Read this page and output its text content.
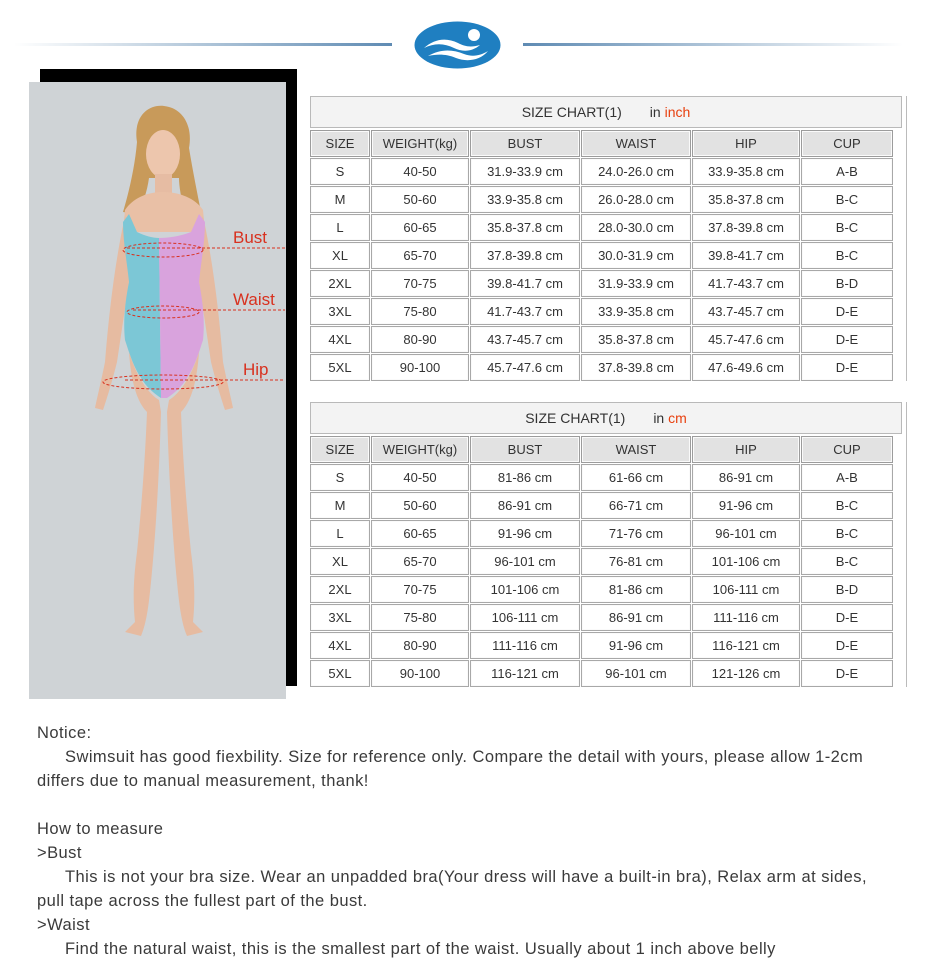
Bust
Waist
Hip
SIZE CHART(1) in inch
SIZE	WEIGHT(kg)	BUST	WAIST	HIP	CUP
S	40-50	31.9-33.9 cm	24.0-26.0 cm	33.9-35.8 cm	A-B
M	50-60	33.9-35.8 cm	26.0-28.0 cm	35.8-37.8 cm	B-C
L	60-65	35.8-37.8 cm	28.0-30.0 cm	37.8-39.8 cm	B-C
XL	65-70	37.8-39.8 cm	30.0-31.9 cm	39.8-41.7 cm	B-C
2XL	70-75	39.8-41.7 cm	31.9-33.9 cm	41.7-43.7 cm	B-D
3XL	75-80	41.7-43.7 cm	33.9-35.8 cm	43.7-45.7 cm	D-E
4XL	80-90	43.7-45.7 cm	35.8-37.8 cm	45.7-47.6 cm	D-E
5XL	90-100	45.7-47.6 cm	37.8-39.8 cm	47.6-49.6 cm	D-E
SIZE CHART(1) in cm
SIZE	WEIGHT(kg)	BUST	WAIST	HIP	CUP
S	40-50	81-86 cm	61-66 cm	86-91 cm	A-B
M	50-60	86-91 cm	66-71 cm	91-96 cm	B-C
L	60-65	91-96 cm	71-76 cm	96-101 cm	B-C
XL	65-70	96-101 cm	76-81 cm	101-106 cm	B-C
2XL	70-75	101-106 cm	81-86 cm	106-111 cm	B-D
3XL	75-80	106-111 cm	86-91 cm	111-116 cm	D-E
4XL	80-90	111-116 cm	91-96 cm	116-121 cm	D-E
5XL	90-100	116-121 cm	96-101 cm	121-126 cm	D-E

Notice:

Swimsuit has good fiexbility. Size for reference only. Compare the detail with yours, please allow 1-2cm differs due to manual measurement, thank!

How to measure

>Bust

This is not your bra size. Wear an unpadded bra(Your dress will have a built-in bra), Relax arm at sides, pull tape across the fullest part of the bust.

>Waist

Find the natural waist, this is the smallest part of the waist. Usually about 1 inch above belly
